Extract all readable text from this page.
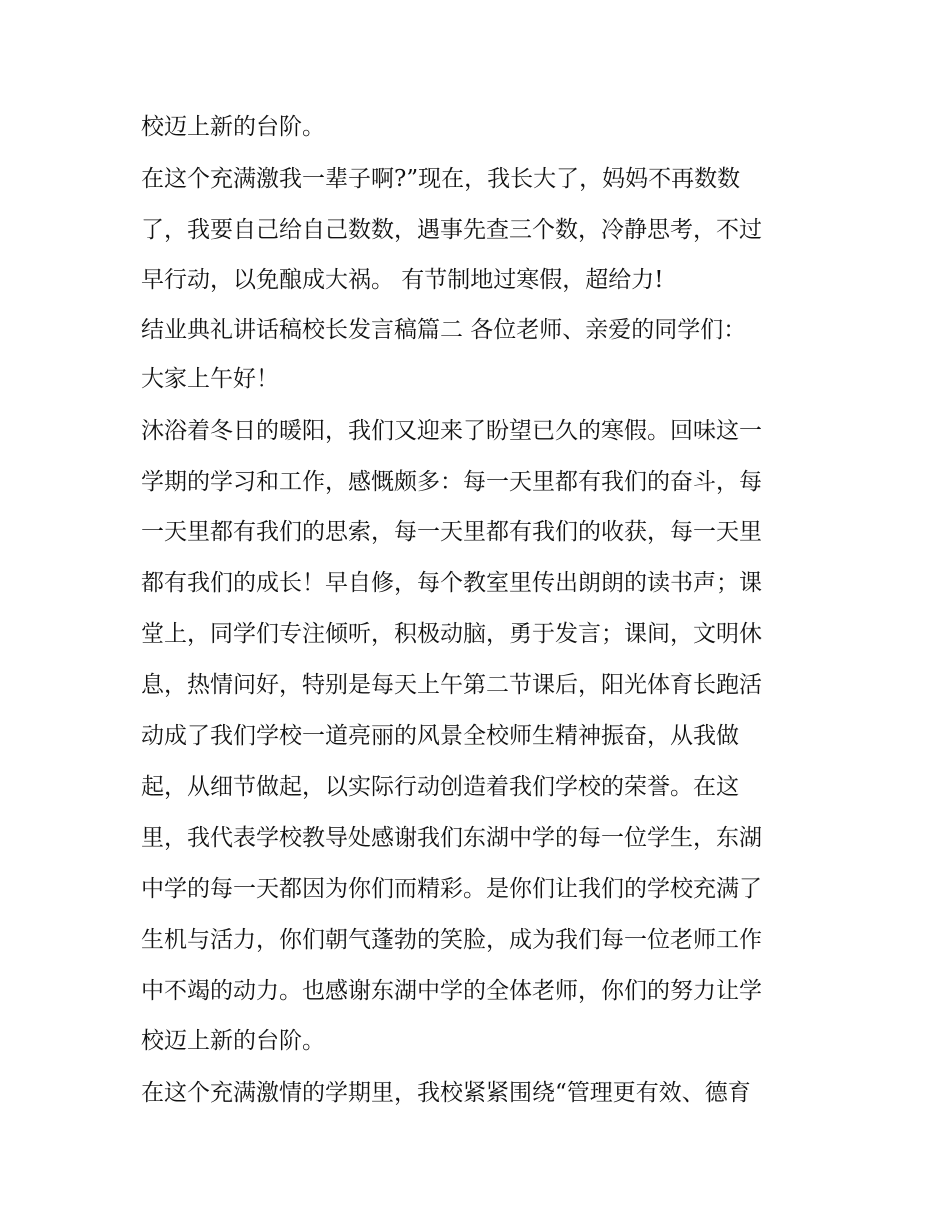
校迈上新的台阶。
在这个充满激我一辈子啊?”现在，我长大了，妈妈不再数数
了，我要自己给自己数数，遇事先查三个数，冷静思考，不过
早行动，以免酿成大祸。 有节制地过寒假，超给力!
结业典礼讲话稿校长发言稿篇二 各位老师、亲爱的同学们：
大家上午好！
沐浴着冬日的暖阳，我们又迎来了盼望已久的寒假。回味这一
学期的学习和工作，感慨颇多：每一天里都有我们的奋斗，每
一天里都有我们的思索，每一天里都有我们的收获，每一天里
都有我们的成长！早自修，每个教室里传出朗朗的读书声；课
堂上，同学们专注倾听，积极动脑，勇于发言；课间，文明休
息，热情问好，特别是每天上午第二节课后，阳光体育长跑活
动成了我们学校一道亮丽的风景全校师生精神振奋，从我做
起，从细节做起，以实际行动创造着我们学校的荣誉。在这
里，我代表学校教导处感谢我们东湖中学的每一位学生，东湖
中学的每一天都因为你们而精彩。是你们让我们的学校充满了
生机与活力，你们朝气蓬勃的笑脸，成为我们每一位老师工作
中不竭的动力。也感谢东湖中学的全体老师，你们的努力让学
校迈上新的台阶。
在这个充满激情的学期里，我校紧紧围绕“管理更有效、德育
